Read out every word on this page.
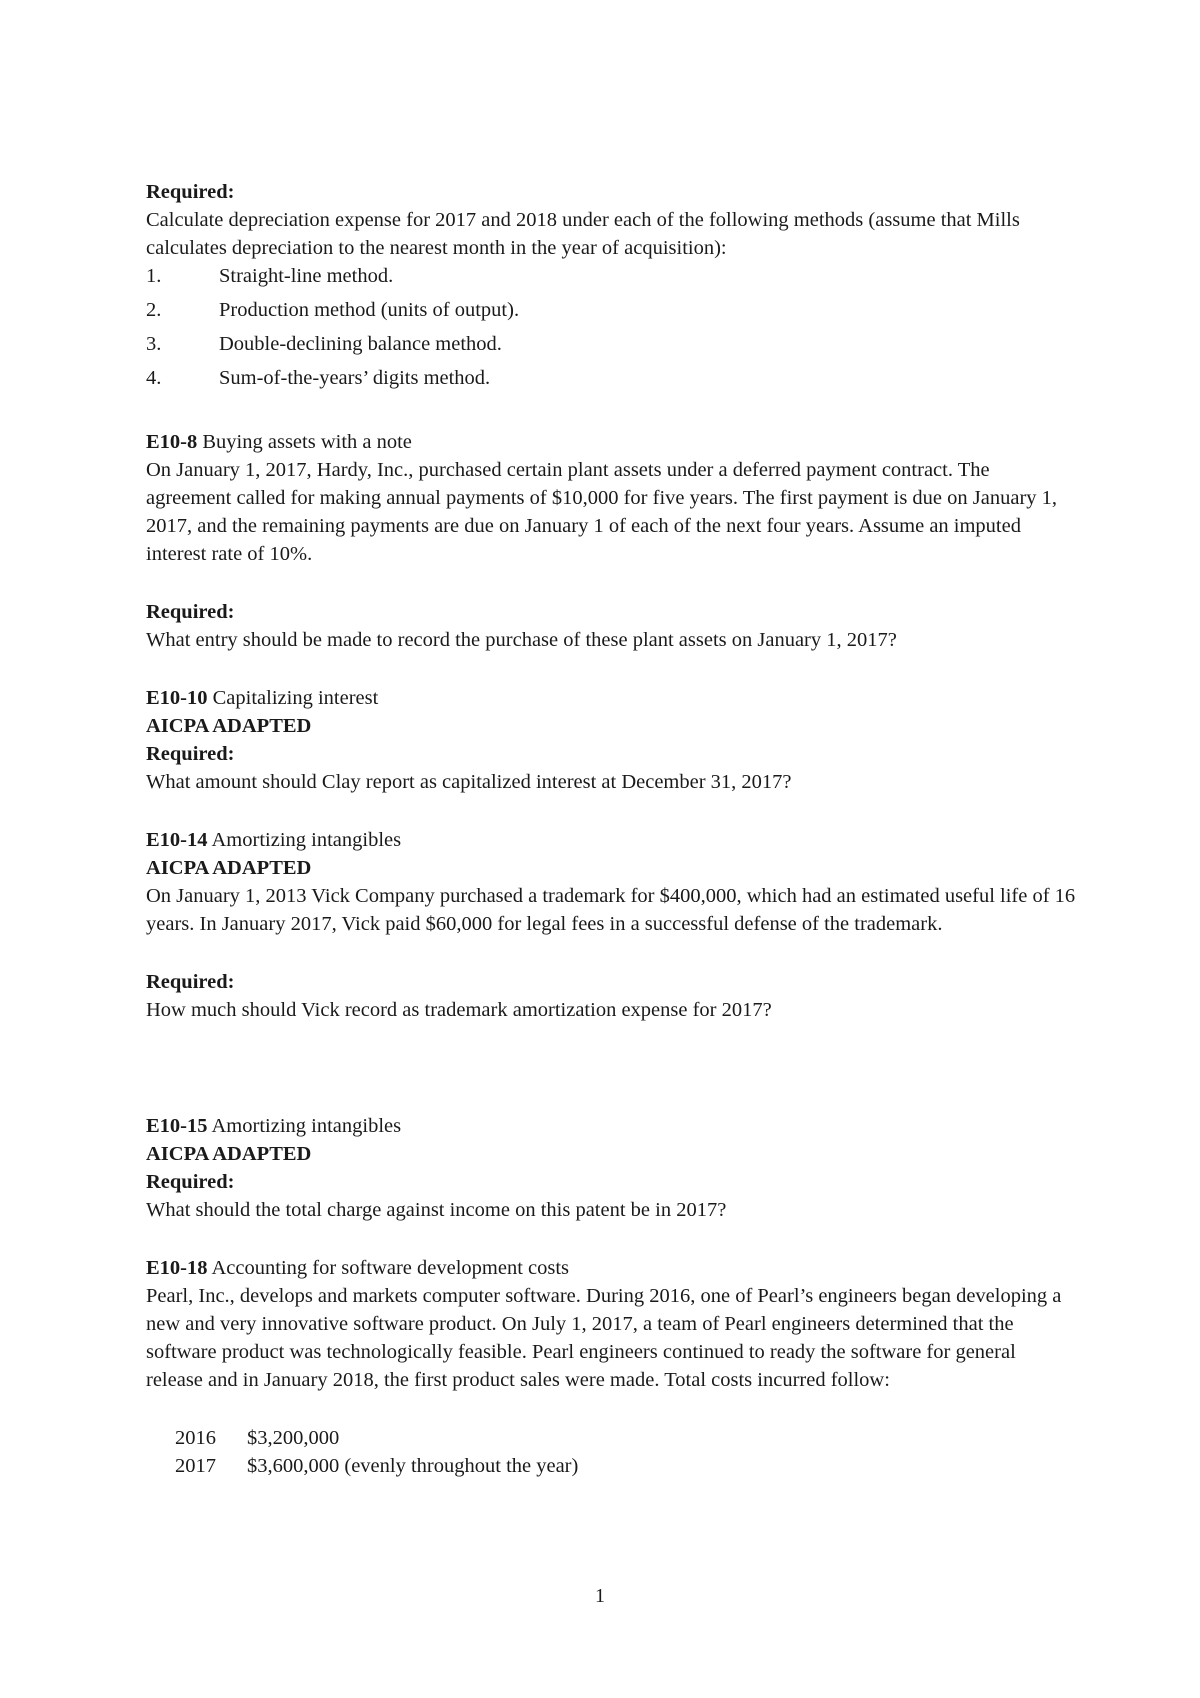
Required:

Calculate depreciation expense for 2017 and 2018 under each of the following methods (assume that Mills calculates depreciation to the nearest month in the year of acquisition):

1.	Straight-line method.
2.	Production method (units of output).
3.	Double-declining balance method.
4.	Sum-of-the-years’ digits method.

E10-8 Buying assets with a note

On January 1, 2017, Hardy, Inc., purchased certain plant assets under a deferred payment contract. The agreement called for making annual payments of $10,000 for five years. The first payment is due on January 1, 2017, and the remaining payments are due on January 1 of each of the next four years. Assume an imputed interest rate of 10%.

Required:

What entry should be made to record the purchase of these plant assets on January 1, 2017?

E10-10 Capitalizing interest

AICPA ADAPTED

Required:

What amount should Clay report as capitalized interest at December 31, 2017?

E10-14 Amortizing intangibles

AICPA ADAPTED

On January 1, 2013 Vick Company purchased a trademark for $400,000, which had an estimated useful life of 16 years. In January 2017, Vick paid $60,000 for legal fees in a successful defense of the trademark.

Required:

How much should Vick record as trademark amortization expense for 2017?

E10-15 Amortizing intangibles

AICPA ADAPTED

Required:

What should the total charge against income on this patent be in 2017?

E10-18 Accounting for software development costs

Pearl, Inc., develops and markets computer software. During 2016, one of Pearl’s engineers began developing a new and very innovative software product. On July 1, 2017, a team of Pearl engineers determined that the software product was technologically feasible. Pearl engineers continued to ready the software for general release and in January 2018, the first product sales were made. Total costs incurred follow:

2016	$3,200,000
2017	$3,600,000 (evenly throughout the year)
1
